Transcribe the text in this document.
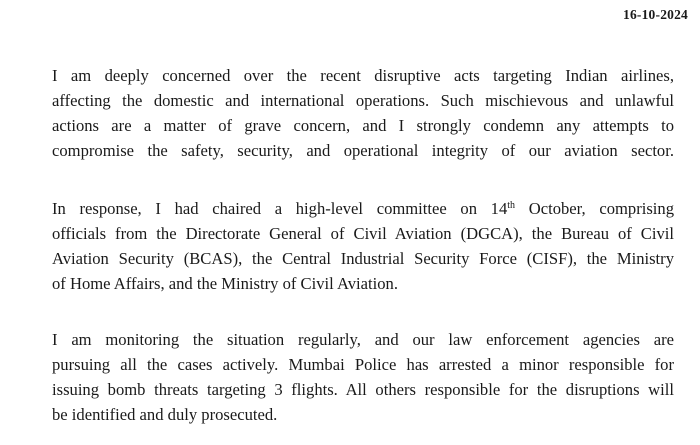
16-10-2024
I am deeply concerned over the recent disruptive acts targeting Indian airlines,
affecting the domestic and international operations. Such mischievous and unlawful
actions are a matter of grave concern, and I strongly condemn any attempts to
compromise the safety, security, and operational integrity of our aviation sector.
In response, I had chaired a high-level committee on 14th October, comprising
officials from the Directorate General of Civil Aviation (DGCA), the Bureau of Civil
Aviation Security (BCAS), the Central Industrial Security Force (CISF), the Ministry
of Home Affairs, and the Ministry of Civil Aviation.
I am monitoring the situation regularly, and our law enforcement agencies are
pursuing all the cases actively. Mumbai Police has arrested a minor responsible for
issuing bomb threats targeting 3 flights. All others responsible for the disruptions will
be identified and duly prosecuted.
